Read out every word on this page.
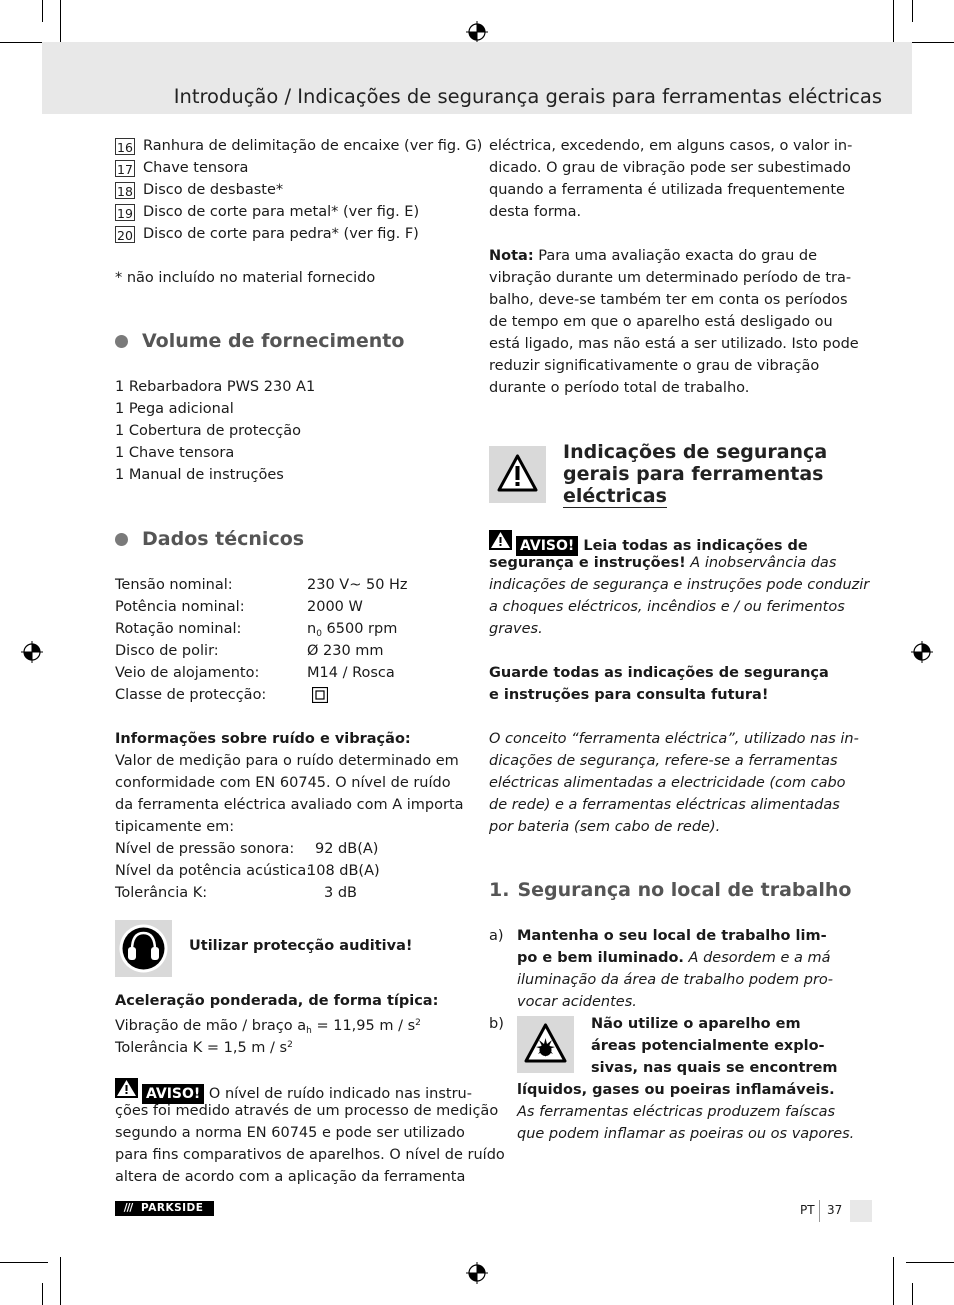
Introdução / Indicações de segurança gerais para ferramentas eléctricas
16 Ranhura de delimitação de encaixe (ver fig. G)
17 Chave tensora
18 Disco de desbaste*
19 Disco de corte para metal* (ver fig. E)
20 Disco de corte para pedra* (ver fig. F)
* não incluído no material fornecido
Volume de fornecimento
1 Rebarbadora PWS 230 A1
1 Pega adicional
1 Cobertura de protecção
1 Chave tensora
1 Manual de instruções
Dados técnicos
Tensão nominal:	230 V~ 50 Hz
Potência nominal:	2000 W
Rotação nominal:	$n_0$ 6500 rpm
Disco de polir:	Ø 230 mm
Veio de alojamento:	M14 / Rosca
Classe de protecção:
Informações sobre ruído e vibração:
Valor de medição para o ruído determinado em
conformidade com EN 60745. O nível de ruído
da ferramenta eléctrica avaliado com A importa
tipicamente em:
Nível de pressão sonora: 92 dB(A)
Nível da potência acústica:108 dB(A)
Tolerância K:	3 dB
Utilizar protecção auditiva!
Aceleração ponderada, de forma típica:
Vibração de mão / braço $a_h = 11,95$ m / $s^2$
Tolerância K = 1,5 m / $s^2$
AVISO! O nível de ruído indicado nas instru-
ções foi medido através de um processo de medição
segundo a norma EN 60745 e pode ser utilizado
para fins comparativos de aparelhos. O nível de ruído
altera de acordo com a aplicação da ferramenta
eléctrica, excedendo, em alguns casos, o valor in-
dicado. O grau de vibração pode ser subestimado
quando a ferramenta é utilizada frequentemente
desta forma.
Nota: Para uma avaliação exacta do grau de
vibração durante um determinado período de tra-
balho, deve-se também ter em conta os períodos
de tempo em que o aparelho está desligado ou
está ligado, mas não está a ser utilizado. Isto pode
reduzir significativamente o grau de vibração
durante o período total de trabalho.
Indicações de segurança
gerais para ferramentas
eléctricas
AVISO! Leia todas as indicações de
segurança e instruções! A inobservância das
indicações de segurança e instruções pode conduzir
a choques eléctricos, incêndios e / ou ferimentos
graves.
Guarde todas as indicações de segurança
e instruções para consulta futura!
O conceito “ferramenta eléctrica”, utilizado nas in-
dicações de segurança, refere-se a ferramentas
eléctricas alimentadas a electricidade (com cabo
de rede) e a ferramentas eléctricas alimentadas
por bateria (sem cabo de rede).
1. Segurança no local de trabalho
a) Mantenha o seu local de trabalho lim-
po e bem iluminado. A desordem e a má
iluminação da área de trabalho podem pro-
vocar acidentes.
b)	Não utilize o aparelho em
áreas potencialmente explo-
sivas, nas quais se encontrem
líquidos, gases ou poeiras inflamáveis.
As ferramentas eléctricas produzem faíscas
que podem inflamar as poeiras ou os vapores.
/// PARKSIDE	PT 37
